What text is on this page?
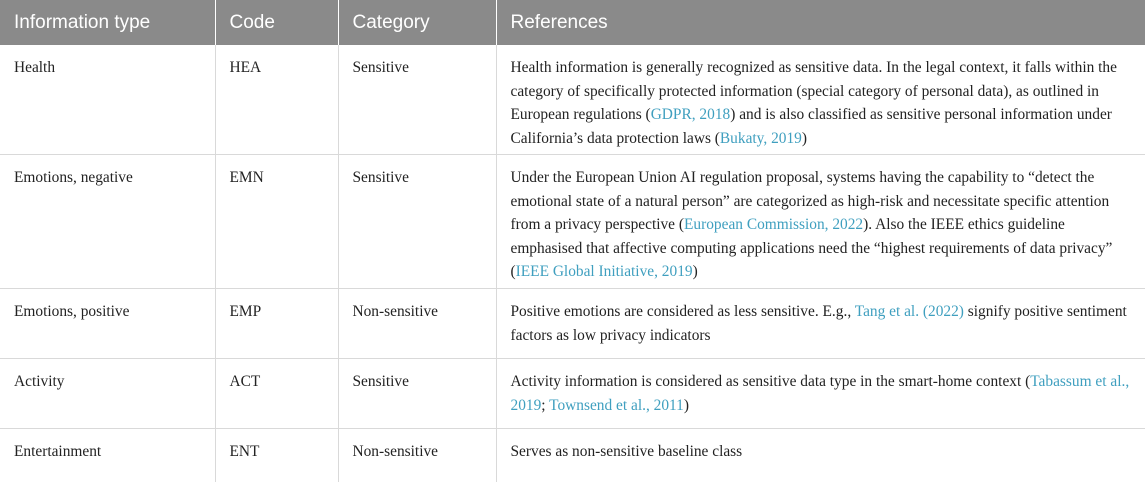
Information type	Code	Category	References
Health	HEA	Sensitive	Health information is generally recognized as sensitive data. In the legal context, it falls within the category of specifically protected information (special category of personal data), as outlined in European regulations (GDPR, 2018) and is also classified as sensitive personal information under California’s data protection laws (Bukaty, 2019)
Emotions, negative	EMN	Sensitive	Under the European Union AI regulation proposal, systems having the capability to “detect the emotional state of a natural person” are categorized as high-risk and necessitate specific attention from a privacy perspective (European Commission, 2022). Also the IEEE ethics guideline emphasised that affective computing applications need the “highest requirements of data privacy” (IEEE Global Initiative, 2019)
Emotions, positive	EMP	Non-sensitive	Positive emotions are considered as less sensitive. E.g., Tang et al. (2022) signify positive sentiment factors as low privacy indicators
Activity	ACT	Sensitive	Activity information is considered as sensitive data type in the smart-home context (Tabassum et al., 2019; Townsend et al., 2011)
Entertainment	ENT	Non-sensitive	Serves as non-sensitive baseline class
